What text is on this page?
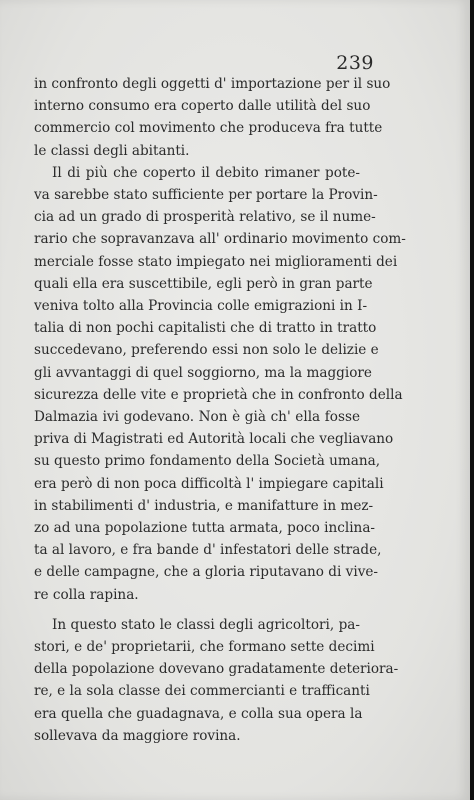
239
in confronto degli oggetti d' importazione per il suo
interno consumo era coperto dalle utilità del suo
commercio col movimento che produceva fra tutte
le classi degli abitanti.
Il di più che coperto il debito rimaner pote-
va sarebbe stato sufficiente per portare la Provin-
cia ad un grado di prosperità relativo, se il nume-
rario che sopravanzava all' ordinario movimento com-
merciale fosse stato impiegato nei miglioramenti dei
quali ella era suscettibile, egli però in gran parte
veniva tolto alla Provincia colle emigrazioni in I-
talia di non pochi capitalisti che di tratto in tratto
succedevano, preferendo essi non solo le delizie e
gli avvantaggi di quel soggiorno, ma la maggiore
sicurezza delle vite e proprietà che in confronto della
Dalmazia ivi godevano. Non è già ch' ella fosse
priva di Magistrati ed Autorità locali che vegliavano
su questo primo fondamento della Società umana,
era però di non poca difficoltà l' impiegare capitali
in stabilimenti d' industria, e manifatture in mez-
zo ad una popolazione tutta armata, poco inclina-
ta al lavoro, e fra bande d' infestatori delle strade,
e delle campagne, che a gloria riputavano di vive-
re colla rapina.
In questo stato le classi degli agricoltori, pa-
stori, e de' proprietarii, che formano sette decimi
della popolazione dovevano gradatamente deteriora-
re, e la sola classe dei commercianti e trafficanti
era quella che guadagnava, e colla sua opera la
sollevava da maggiore rovina.
